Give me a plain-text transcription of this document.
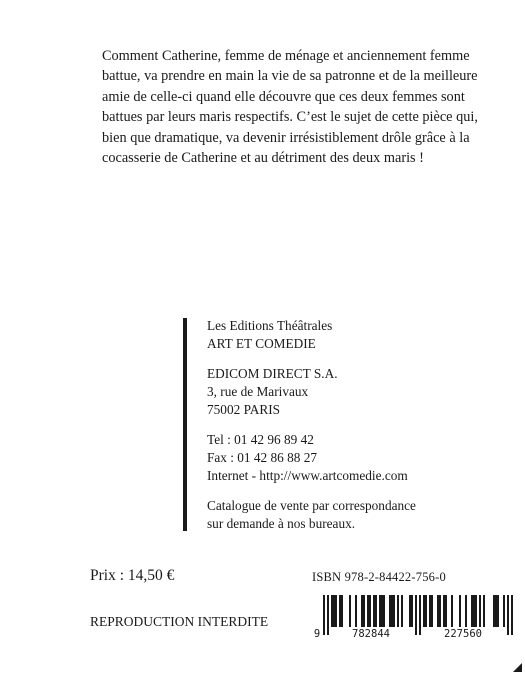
Comment Catherine, femme de ménage et anciennement femme
battue, va prendre en main la vie de sa patronne et de la meilleure
amie de celle-ci quand elle découvre que ces deux femmes sont
battues par leurs maris respectifs. C’est le sujet de cette pièce qui,
bien que dramatique, va devenir irrésistiblement drôle grâce à la
cocasserie de Catherine et au détriment des deux maris !
Les Editions Théâtrales
ART ET COMEDIE
EDICOM DIRECT S.A.
3, rue de Marivaux
75002 PARIS
Tel : 01 42 96 89 42
Fax : 01 42 86 88 27
Internet - http://www.artcomedie.com
Catalogue de vente par correspondance
sur demande à nos bureaux.
Prix : 14,50 €	ISBN 978-2-84422-756-0
REPRODUCTION INTERDITE
9	782844	227560
